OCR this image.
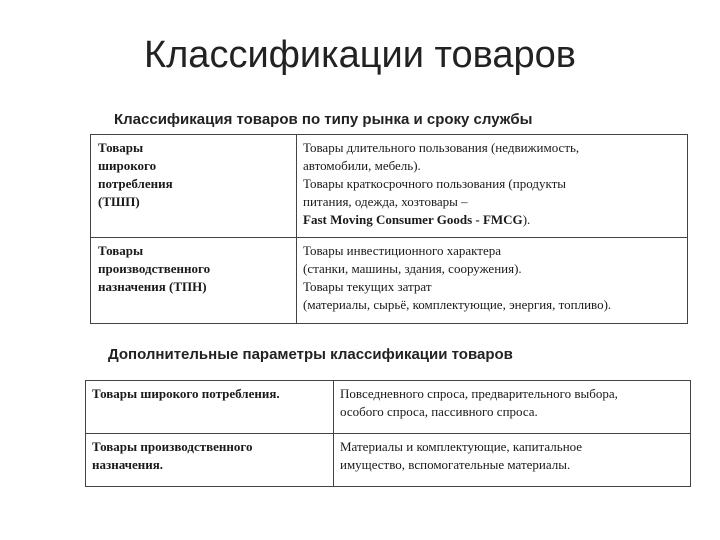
Классификации товаров
Классификация товаров по типу рынка и сроку службы
Товары
широкого
потребления
(ТШП)	Товары длительного пользования (недвижимость,
автомобили, мебель).
Товары краткосрочного пользования (продукты
питания, одежда, хозтовары –
Fast Moving Consumer Goods - FMCG).

Товары
производственного
назначения (ТПН)	Товары инвестиционного характера
(станки, машины, здания, сооружения).
Товары текущих затрат
(материалы, сырьё, комплектующие, энергия, топливо).
Дополнительные параметры классификации товаров
Товары широкого потребления.	Повседневного спроса, предварительного выбора,
особого спроса, пассивного спроса.

Товары производственного
назначения.	Материалы и комплектующие, капитальное
имущество, вспомогательные материалы.
